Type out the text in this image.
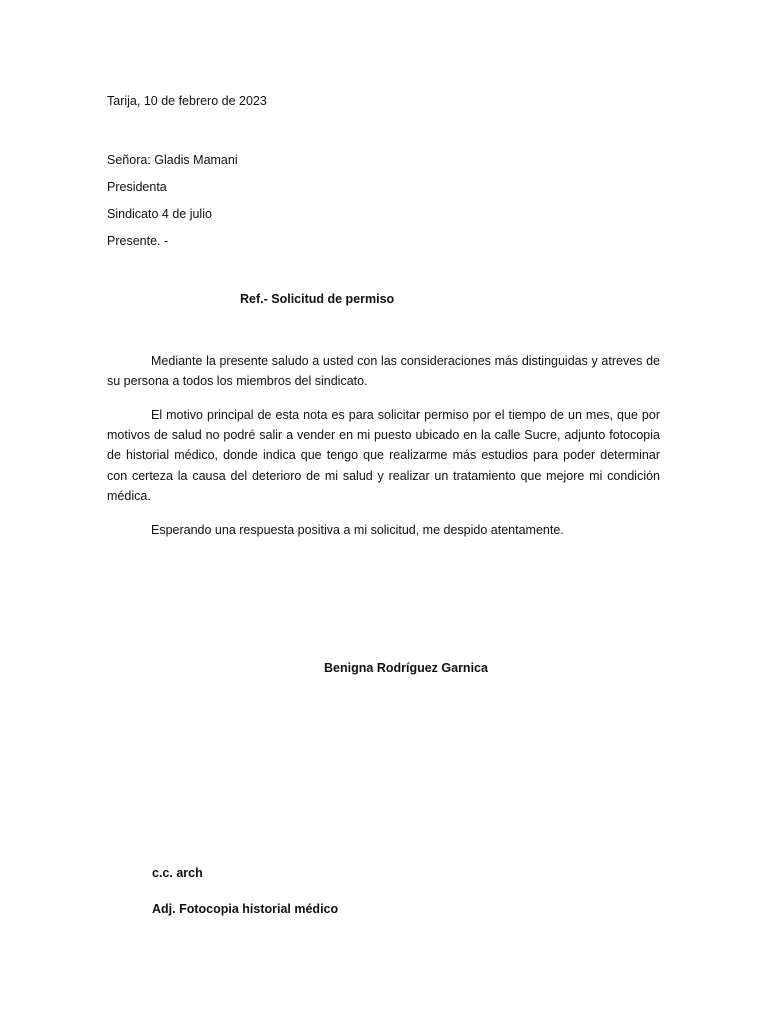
Tarija, 10 de febrero de 2023
Señora: Gladis Mamani
Presidenta
Sindicato 4 de julio
Presente. -
Ref.- Solicitud de permiso

Mediante la presente saludo a usted con las consideraciones más distinguidas y atreves de su persona a todos los miembros del sindicato.

El motivo principal de esta nota es para solicitar permiso por el tiempo de un mes, que por motivos de salud no podré salir a vender en mi puesto ubicado en la calle Sucre, adjunto fotocopia de historial médico, donde indica que tengo que realizarme más estudios para poder determinar con certeza la causa del deterioro de mi salud y realizar un tratamiento que mejore mi condición médica.

Esperando una respuesta positiva a mi solicitud, me despido atentamente.

Benigna Rodríguez Garnica
c.c. arch
Adj. Fotocopia historial médico
